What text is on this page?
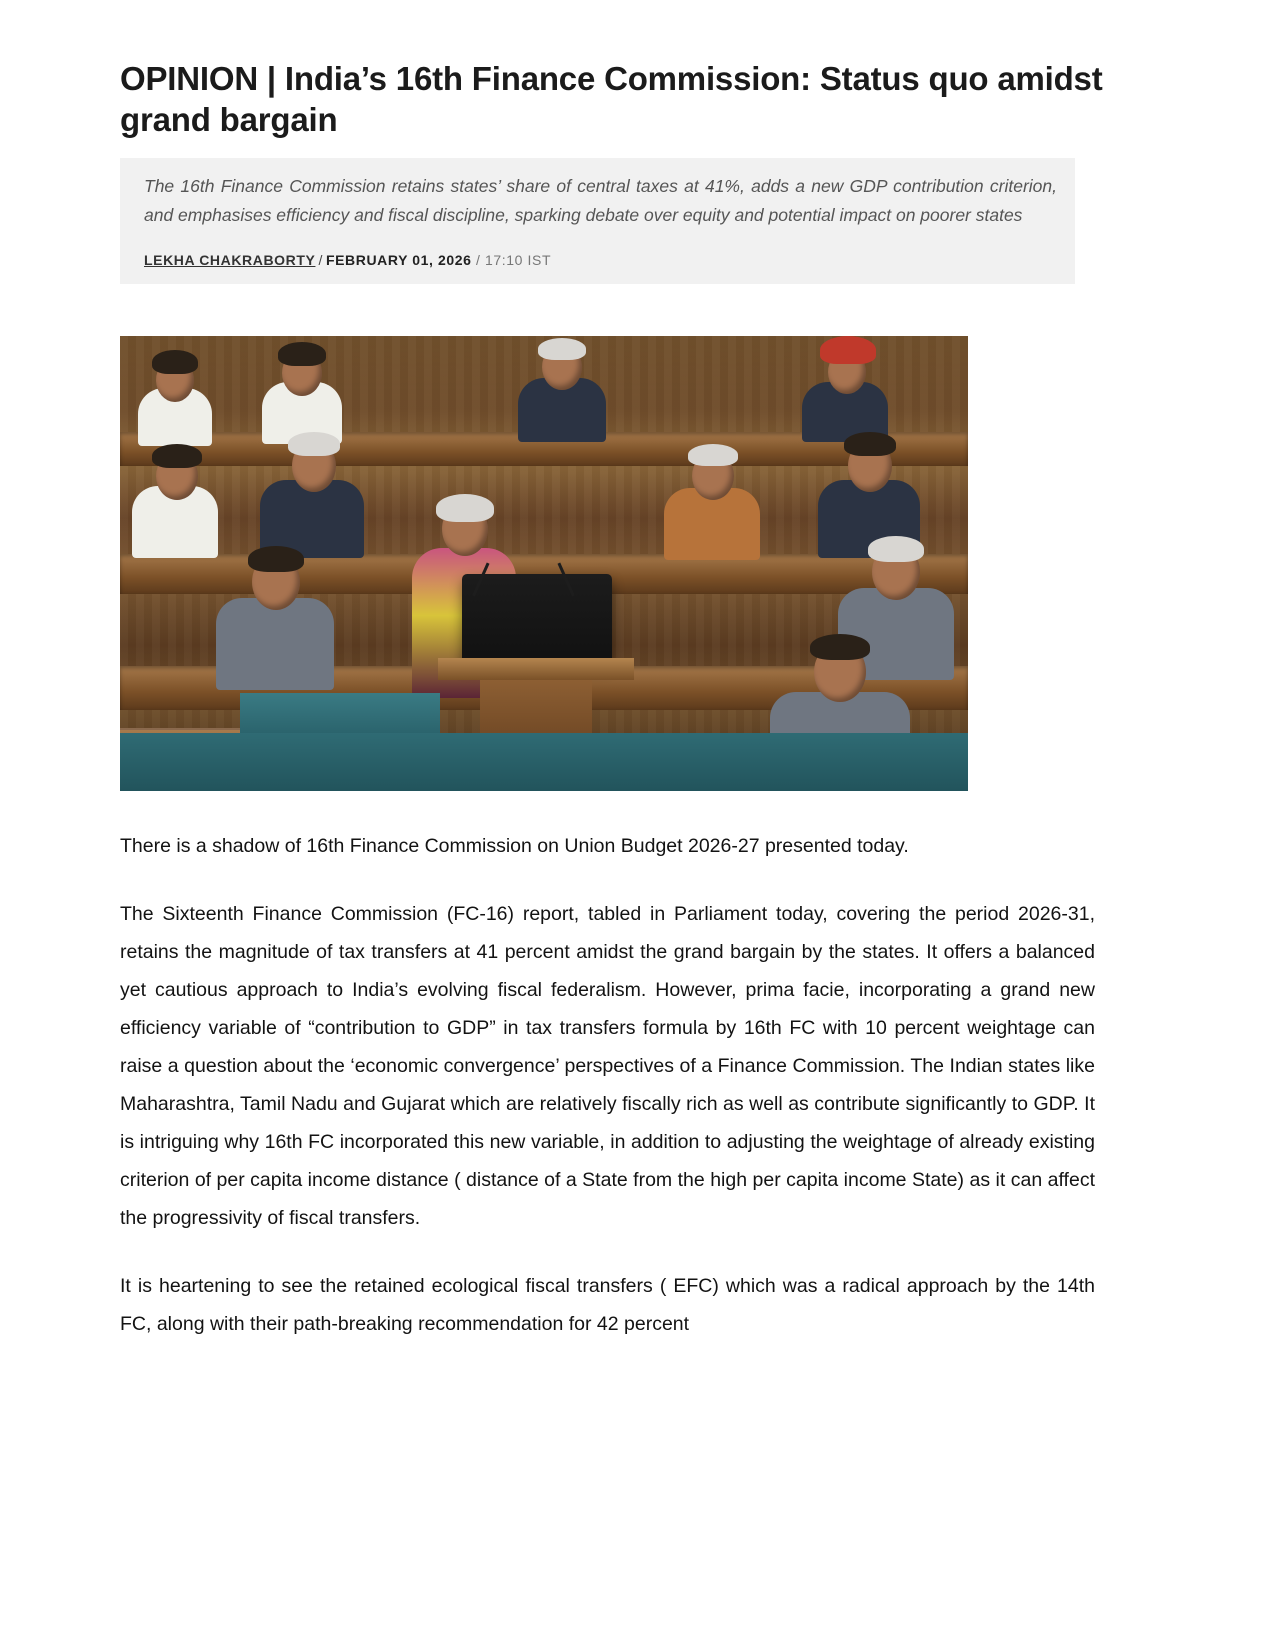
OPINION | India’s 16th Finance Commission: Status quo amidst grand bargain

The 16th Finance Commission retains states’ share of central taxes at 41%, adds a new GDP contribution criterion, and emphasises efficiency and fiscal discipline, sparking debate over equity and potential impact on poorer states

LEKHA CHAKRABORTY / FEBRUARY 01, 2026 / 17:10 IST

There is a shadow of 16th Finance Commission on Union Budget 2026-27 presented today.

The Sixteenth Finance Commission (FC-16) report, tabled in Parliament today, covering the period 2026-31, retains the magnitude of tax transfers at 41 percent amidst the grand bargain by the states. It offers a balanced yet cautious approach to India’s evolving fiscal federalism. However, prima facie, incorporating a grand new efficiency variable of “contribution to GDP” in tax transfers formula by 16th FC with 10 percent weightage can raise a question about the ‘economic convergence’ perspectives of a Finance Commission. The Indian states like Maharashtra, Tamil Nadu and Gujarat which are relatively fiscally rich as well as contribute significantly to GDP. It is intriguing why 16th FC incorporated this new variable, in addition to adjusting the weightage of already existing criterion of per capita income distance ( distance of a State from the high per capita income State) as it can affect the progressivity of fiscal transfers.

It is heartening to see the retained ecological fiscal transfers ( EFC) which was a radical approach by the 14th FC, along with their path-breaking recommendation for 42 percent
